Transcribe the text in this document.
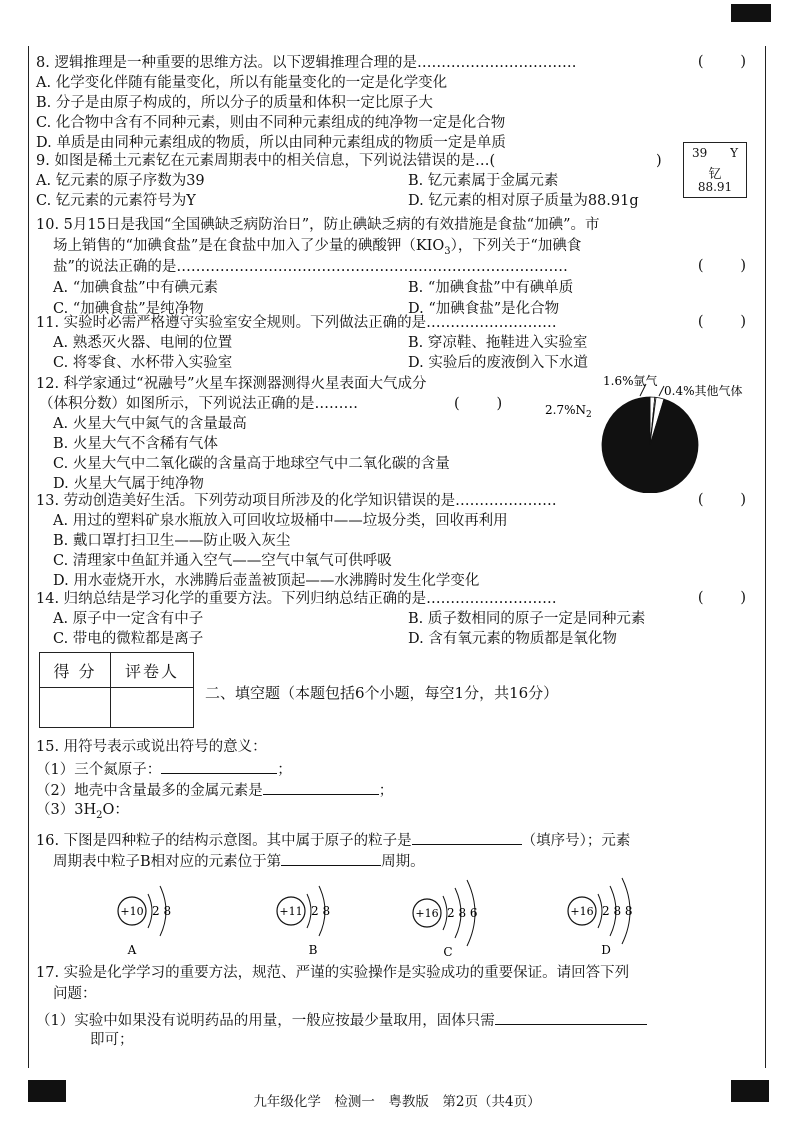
8. 逻辑推理是一种重要的思维方法。以下逻辑推理合理的是……………………………	(        )
A. 化学变化伴随有能量变化，所以有能量变化的一定是化学变化
B. 分子是由原子构成的，所以分子的质量和体积一定比原子大
C. 化合物中含有不同种元素，则由不同种元素组成的纯净物一定是化合物
D. 单质是由同种元素组成的物质，所以由同种元素组成的物质一定是单质
9. 如图是稀土元素钇在元素周期表中的相关信息，下列说法错误的是…(	)
A. 钇元素的原子序数为39	B. 钇元素属于金属元素
C. 钇元素的元素符号为Y	D. 钇元素的相对原子质量为88.91g
39 Y
钇
88.91
10. 5月15日是我国“全国碘缺乏病防治日”，防止碘缺乏病的有效措施是食盐“加碘”。市
场上销售的“加碘食盐”是在食盐中加入了少量的碘酸钾$(KIO_3)$，下列关于“加碘食
盐”的说法正确的是………………………………………………………………………	(        )
A. “加碘食盐”中有碘元素	B. “加碘食盐”中有碘单质
C. “加碘食盐”是纯净物	D. “加碘食盐”是化合物
11. 实验时必需严格遵守实验室安全规则。下列做法正确的是………………………	(        )
A. 熟悉灭火器、电闸的位置	B. 穿凉鞋、拖鞋进入实验室
C. 将零食、水杯带入实验室	D. 实验后的废液倒入下水道
12. 科学家通过“祝融号”火星车探测器测得火星表面大气成分
（体积分数）如图所示，下列说法正确的是………	(        )
A. 火星大气中氮气的含量最高
B. 火星大气不含稀有气体
C. 火星大气中二氧化碳的含量高于地球空气中二氧化碳的含量
D. 火星大气属于纯净物
1.6%氩气
0.4%其他气体
$2.7\%N_2$
13. 劳动创造美好生活。下列劳动项目所涉及的化学知识错误的是…………………	(        )
A. 用过的塑料矿泉水瓶放入可回收垃圾桶中——垃圾分类，回收再利用
B. 戴口罩打扫卫生——防止吸入灰尘
C. 清理家中鱼缸并通入空气——空气中氧气可供呼吸
D. 用水壶烧开水，水沸腾后壶盖被顶起——水沸腾时发生化学变化
14. 归纳总结是学习化学的重要方法。下列归纳总结正确的是………………………	(        )
A. 原子中一定含有中子	B. 质子数相同的原子一定是同种元素
C. 带电的微粒都是离子	D. 含有氧元素的物质都是氧化物
得 分	评卷人

二、填空题（本题包括6个小题，每空1分，共16分）
15. 用符号表示或说出符号的意义：
（1）三个氮原子：	；
（2）地壳中含量最多的金属元素是	；
$(3)3H_2O$：
16. 下图是四种粒子的结构示意图。其中属于原子的粒子是	（填序号）；元素
周期表中粒子B相对应的元素位于第	周期。
+10 2 8
A
+11 2 8
B
+16 2 8 6
C
+16 2 8 8
D
17. 实验是化学学习的重要方法，规范、严谨的实验操作是实验成功的重要保证。请回答下列
问题：
（1）实验中如果没有说明药品的用量，一般应按最少量取用，固体只需
即可；
九年级化学　检测一　粤教版　第2页（共4页）
